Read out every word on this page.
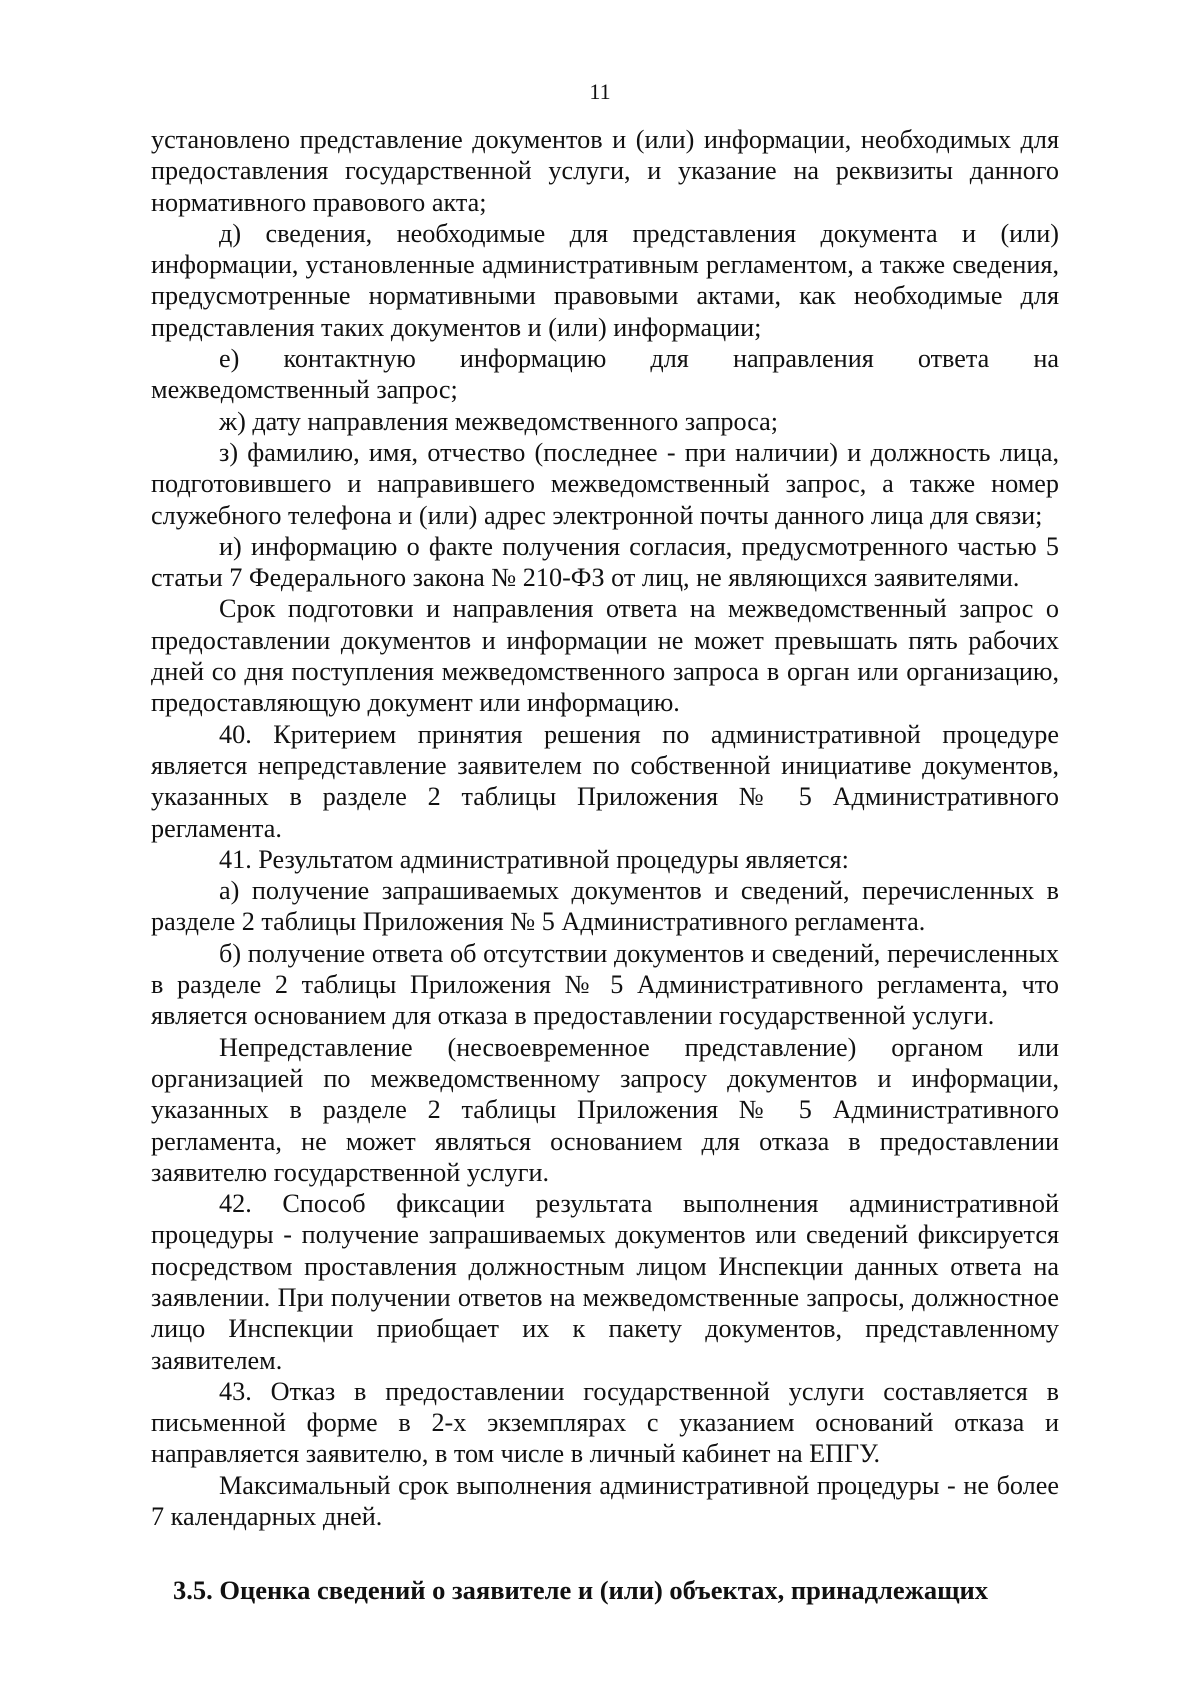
11

установлено представление документов и (или) информации, необходимых для предоставления государственной услуги, и указание на реквизиты данного нормативного правового акта;

д) сведения, необходимые для представления документа и (или) информации, установленные административным регламентом, а также сведения, предусмотренные нормативными правовыми актами, как необходимые для представления таких документов и (или) информации;

е) контактную информацию для направления ответа на межведомственный запрос;

ж) дату направления межведомственного запроса;

з) фамилию, имя, отчество (последнее - при наличии) и должность лица, подготовившего и направившего межведомственный запрос, а также номер служебного телефона и (или) адрес электронной почты данного лица для связи;

и) информацию о факте получения согласия, предусмотренного частью 5 статьи 7 Федерального закона № 210-ФЗ от лиц, не являющихся заявителями.

Срок подготовки и направления ответа на межведомственный запрос о предоставлении документов и информации не может превышать пять рабочих дней со дня поступления межведомственного запроса в орган или организацию, предоставляющую документ или информацию.

40. Критерием принятия решения по административной процедуре является непредставление заявителем по собственной инициативе документов, указанных в разделе 2 таблицы Приложения № 5 Административного регламента.

41. Результатом административной процедуры является:

а) получение запрашиваемых документов и сведений, перечисленных в разделе 2 таблицы Приложения № 5 Административного регламента.

б) получение ответа об отсутствии документов и сведений, перечисленных в разделе 2 таблицы Приложения № 5 Административного регламента, что является основанием для отказа в предоставлении государственной услуги.

Непредставление (несвоевременное представление) органом или организацией по межведомственному запросу документов и информации, указанных в разделе 2 таблицы Приложения № 5 Административного регламента, не может являться основанием для отказа в предоставлении заявителю государственной услуги.

42. Способ фиксации результата выполнения административной процедуры - получение запрашиваемых документов или сведений фиксируется посредством проставления должностным лицом Инспекции данных ответа на заявлении. При получении ответов на межведомственные запросы, должностное лицо Инспекции приобщает их к пакету документов, представленному заявителем.

43. Отказ в предоставлении государственной услуги составляется в письменной форме в 2-х экземплярах с указанием оснований отказа и направляется заявителю, в том числе в личный кабинет на ЕПГУ.

Максимальный срок выполнения административной процедуры - не более 7 календарных дней.

3.5. Оценка сведений о заявителе и (или) объектах, принадлежащих
